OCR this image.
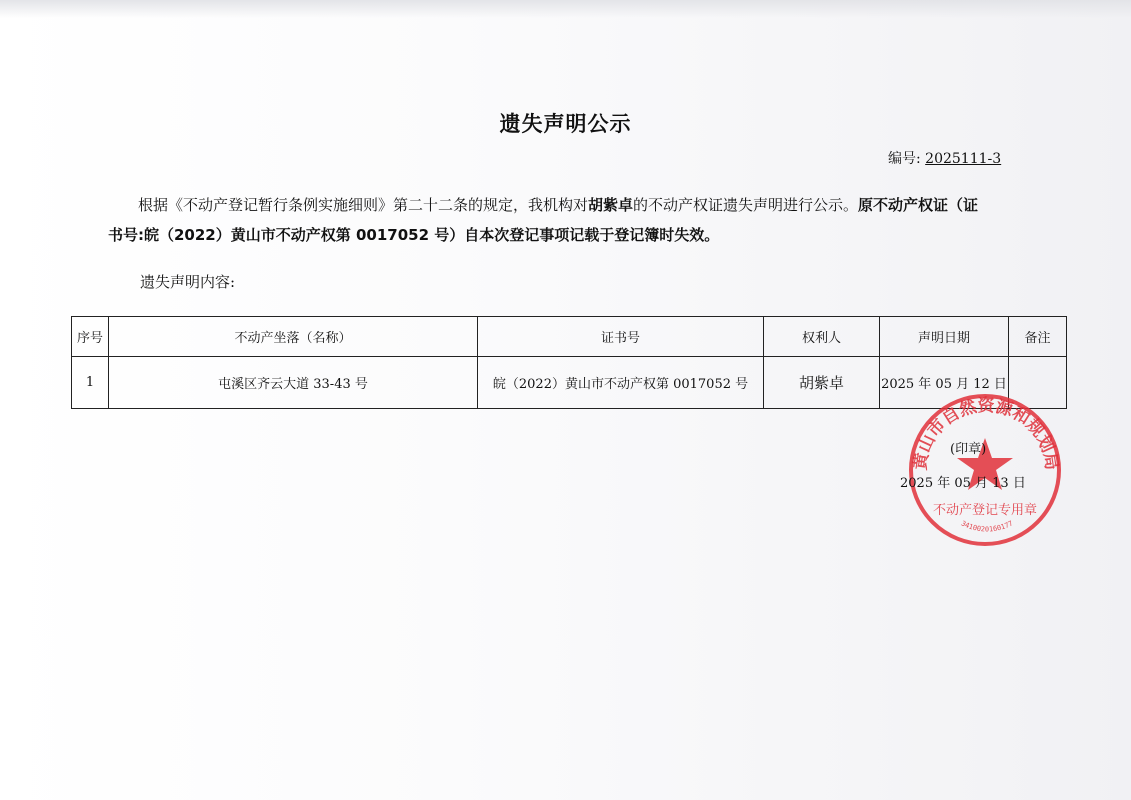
遗失声明公示
编号: 2025111-3
根据《不动产登记暂行条例实施细则》第二十二条的规定，我机构对胡紫卓的不动产权证遗失声明进行公示。原不动产权证（证
书号:皖（2022）黄山市不动产权第 0017052 号）自本次登记事项记载于登记簿时失效。
遗失声明内容:
序号	不动产坐落（名称）	证书号	权利人	声明日期	备注
1	屯溪区齐云大道 33-43 号	皖（2022）黄山市不动产权第 0017052 号	胡紫卓	2025 年 05 月 12 日	
黄山市自然资源和规划局
不动产登记专用章
3410020160177
(印章)
2025 年 05 月 13 日
